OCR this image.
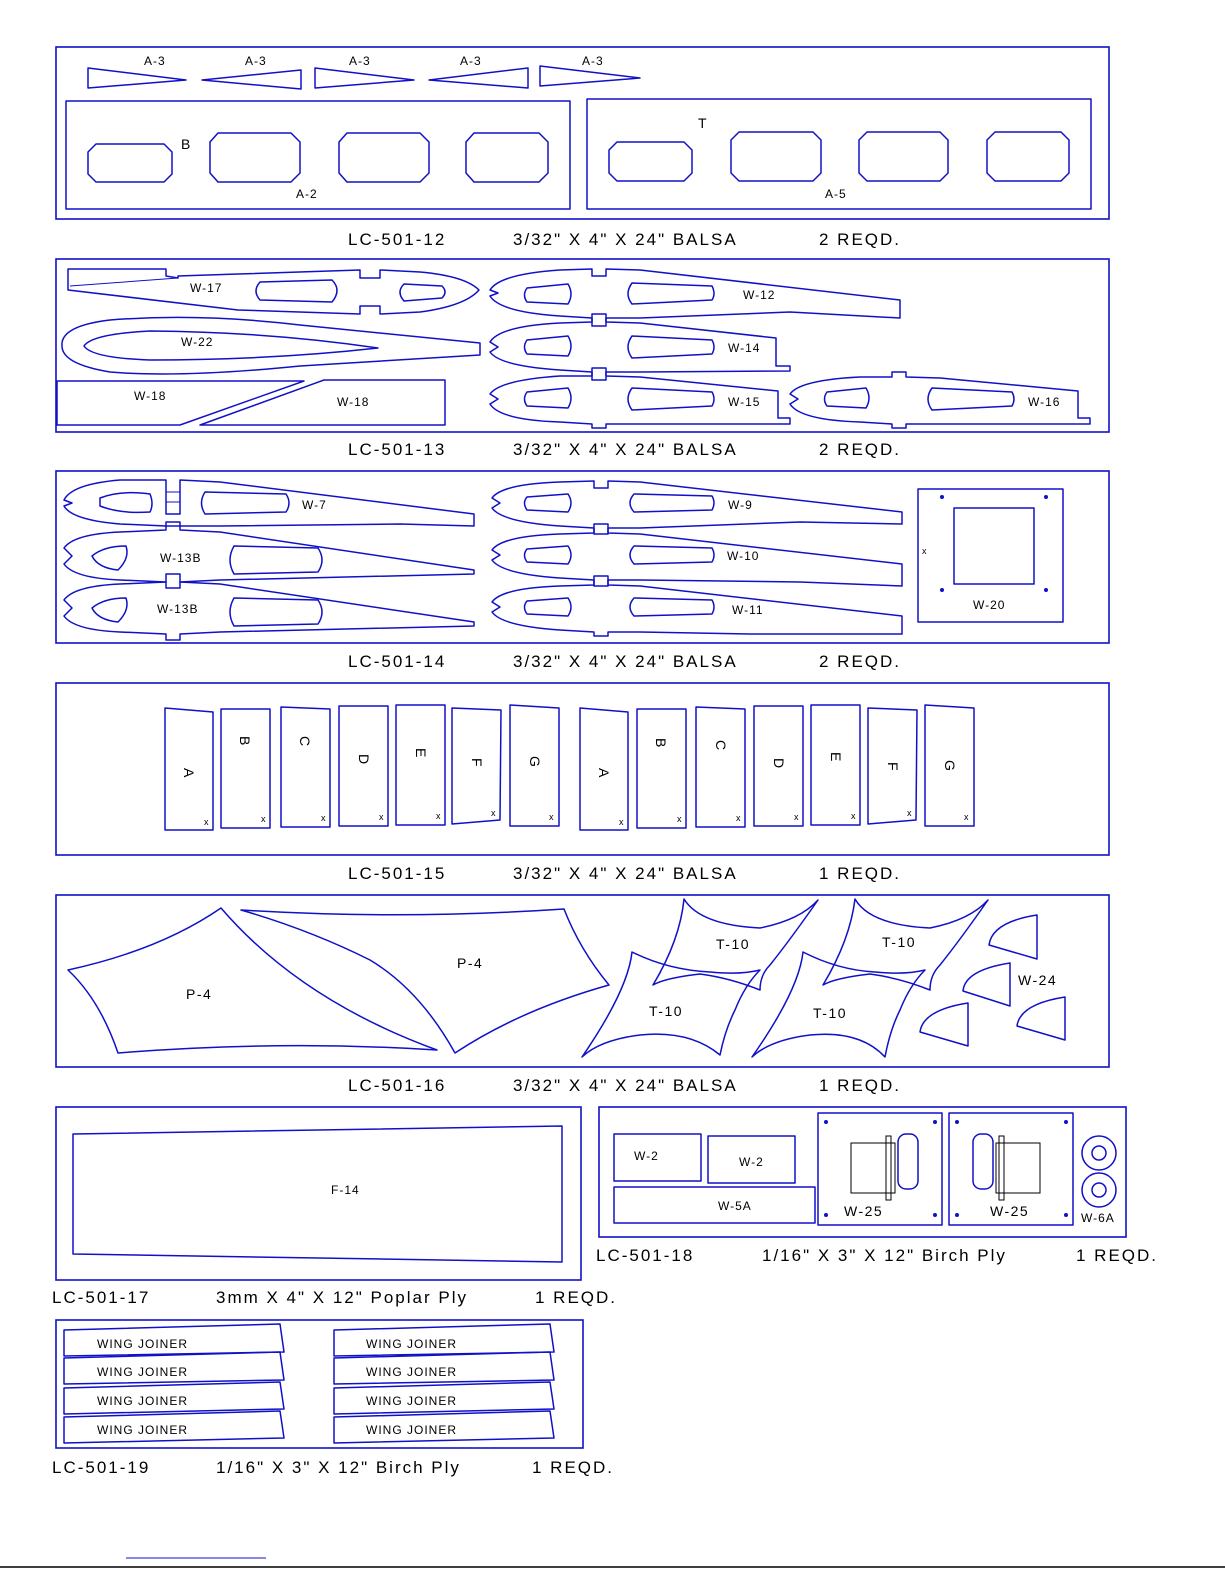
A-3	A-3	A-3	A-3	A-3
B
A-2
T
A-5
LC-501-12	3/32" X 4" X 24" BALSA	2 REQD.
W-17
W-22
W-18	W-18
W-12
W-14
W-15	W-16
LC-501-13	3/32" X 4" X 24" BALSA	2 REQD.
W-7
W-13B
W-13B
W-9
W-10
W-11
x
W-20
LC-501-14	3/32" X 4" X 24" BALSA	2 REQD.
A
B	C
D
E
F	G
A
B	C
D
E
F	G
x	x	x	x	x	x	x	x	x	x	x	x	x	x
LC-501-15	3/32" X 4" X 24" BALSA	1 REQD.
P-4
P-4
T-10	T-10
T-10	T-10
W-24
LC-501-16	3/32" X 4" X 24" BALSA	1 REQD.
F-14
LC-501-17	3mm X 4" X 12" Poplar Ply	1 REQD.
W-2	W-2
W-5A	W-25	W-25	W-6A
LC-501-18	1/16" X 3" X 12" Birch Ply	1 REQD.
WING JOINER
WING JOINER
WING JOINER
WING JOINER
WING JOINER
WING JOINER
WING JOINER
WING JOINER
LC-501-19	1/16" X 3" X 12" Birch Ply	1 REQD.
